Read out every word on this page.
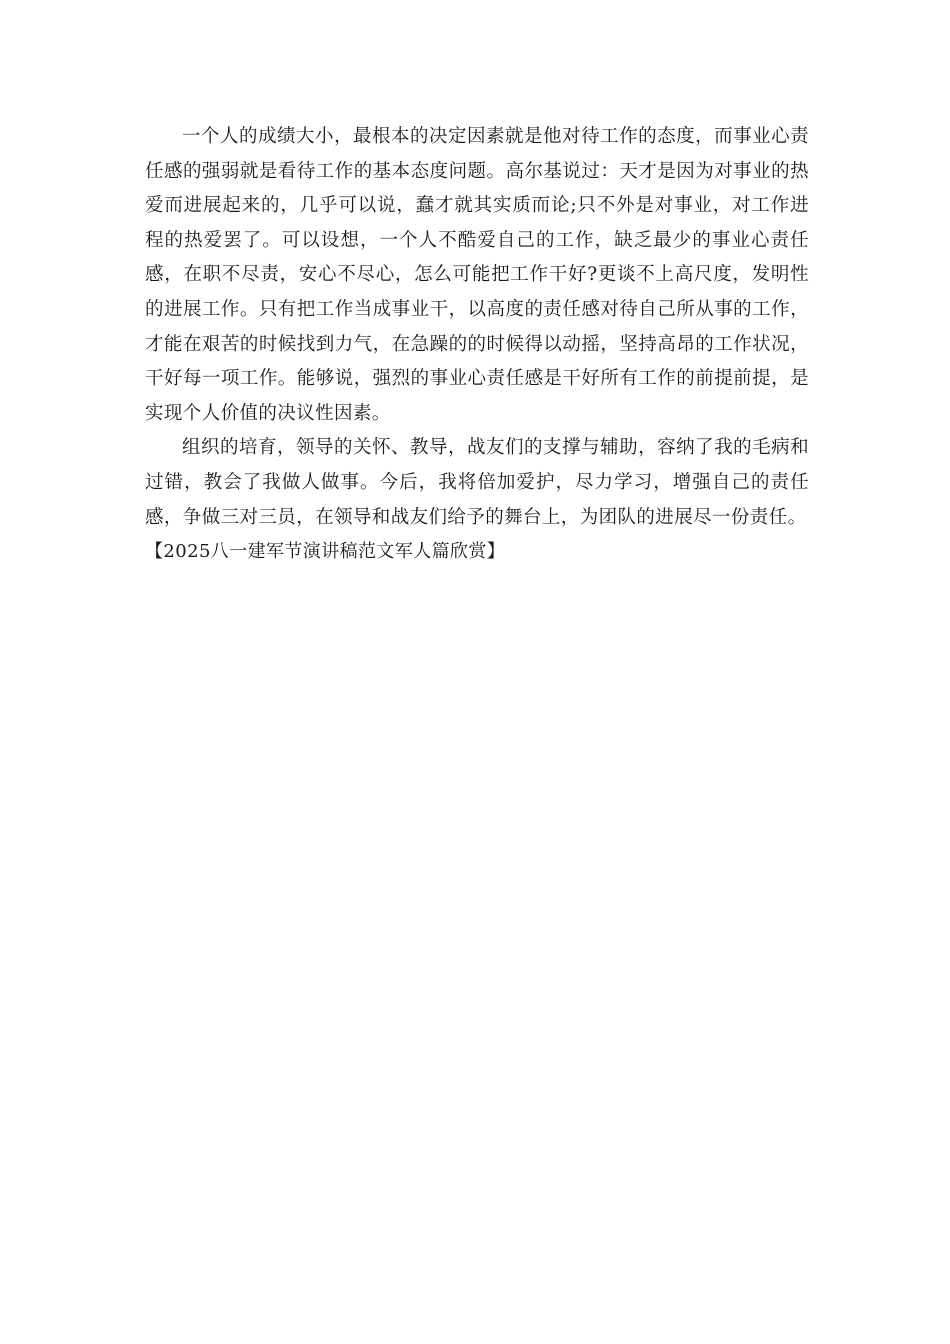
一个人的成绩大小，最根本的决定因素就是他对待工作的态度，而事业心责任感的强弱就是看待工作的基本态度问题。高尔基说过：天才是因为对事业的热爱而进展起来的，几乎可以说，蠢才就其实质而论;只不外是对事业，对工作进程的热爱罢了。可以设想，一个人不酷爱自己的工作，缺乏最少的事业心责任感，在职不尽责，安心不尽心，怎么可能把工作干好?更谈不上高尺度，发明性的进展工作。只有把工作当成事业干，以高度的责任感对待自己所从事的工作，才能在艰苦的时候找到力气，在急躁的的时候得以动摇，坚持高昂的工作状况，干好每一项工作。能够说，强烈的事业心责任感是干好所有工作的前提前提，是实现个人价值的决议性因素。

组织的培育，领导的关怀、教导，战友们的支撑与辅助，容纳了我的毛病和过错，教会了我做人做事。今后，我将倍加爱护，尽力学习，增强自己的责任感，争做三对三员，在领导和战友们给予的舞台上，为团队的进展尽一份责任。

【2025八一建军节演讲稿范文军人篇欣赏】
